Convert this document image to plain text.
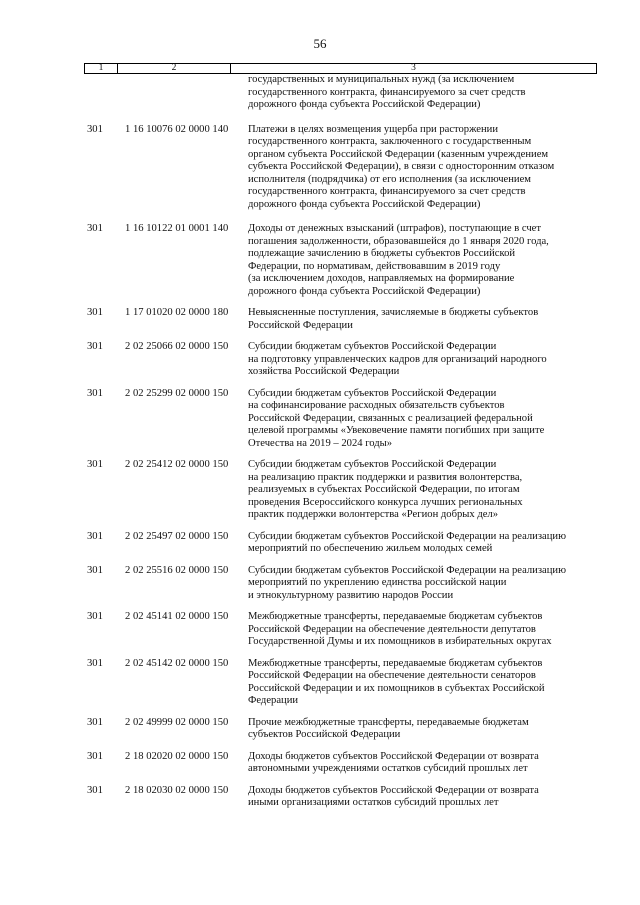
56
1	2	3
государственных и муниципальных нужд (за исключением
государственного контракта, финансируемого за счет средств
дорожного фонда субъекта Российской Федерации)
301	1 16 10076 02 0000 140	Платежи в целях возмещения ущерба при расторжении
государственного контракта, заключенного с государственным
органом субъекта Российской Федерации (казенным учреждением
субъекта Российской Федерации), в связи с односторонним отказом
исполнителя (подрядчика) от его исполнения (за исключением
государственного контракта, финансируемого за счет средств
дорожного фонда субъекта Российской Федерации)
301	1 16 10122 01 0001 140	Доходы от денежных взысканий (штрафов), поступающие в счет
погашения задолженности, образовавшейся до 1 января 2020 года,
подлежащие зачислению в бюджеты субъектов Российской
Федерации, по нормативам, действовавшим в 2019 году
(за исключением доходов, направляемых на формирование
дорожного фонда субъекта Российской Федерации)
301	1 17 01020 02 0000 180	Невыясненные поступления, зачисляемые в бюджеты субъектов
Российской Федерации
301	2 02 25066 02 0000 150	Субсидии бюджетам субъектов Российской Федерации
на подготовку управленческих кадров для организаций народного
хозяйства Российской Федерации
301	2 02 25299 02 0000 150	Субсидии бюджетам субъектов Российской Федерации
на софинансирование расходных обязательств субъектов
Российской Федерации, связанных с реализацией федеральной
целевой программы «Увековечение памяти погибших при защите
Отечества на 2019 – 2024 годы»
301	2 02 25412 02 0000 150	Субсидии бюджетам субъектов Российской Федерации
на реализацию практик поддержки и развития волонтерства,
реализуемых в субъектах Российской Федерации, по итогам
проведения Всероссийского конкурса лучших региональных
практик поддержки волонтерства «Регион добрых дел»
301	2 02 25497 02 0000 150	Субсидии бюджетам субъектов Российской Федерации на реализацию
мероприятий по обеспечению жильем молодых семей
301	2 02 25516 02 0000 150	Субсидии бюджетам субъектов Российской Федерации на реализацию
мероприятий по укреплению единства российской нации
и этнокультурному развитию народов России
301	2 02 45141 02 0000 150	Межбюджетные трансферты, передаваемые бюджетам субъектов
Российской Федерации на обеспечение деятельности депутатов
Государственной Думы и их помощников в избирательных округах
301	2 02 45142 02 0000 150	Межбюджетные трансферты, передаваемые бюджетам субъектов
Российской Федерации на обеспечение деятельности сенаторов
Российской Федерации и их помощников в субъектах Российской
Федерации
301	2 02 49999 02 0000 150	Прочие межбюджетные трансферты, передаваемые бюджетам
субъектов Российской Федерации
301	2 18 02020 02 0000 150	Доходы бюджетов субъектов Российской Федерации от возврата
автономными учреждениями остатков субсидий прошлых лет
301	2 18 02030 02 0000 150	Доходы бюджетов субъектов Российской Федерации от возврата
иными организациями остатков субсидий прошлых лет
